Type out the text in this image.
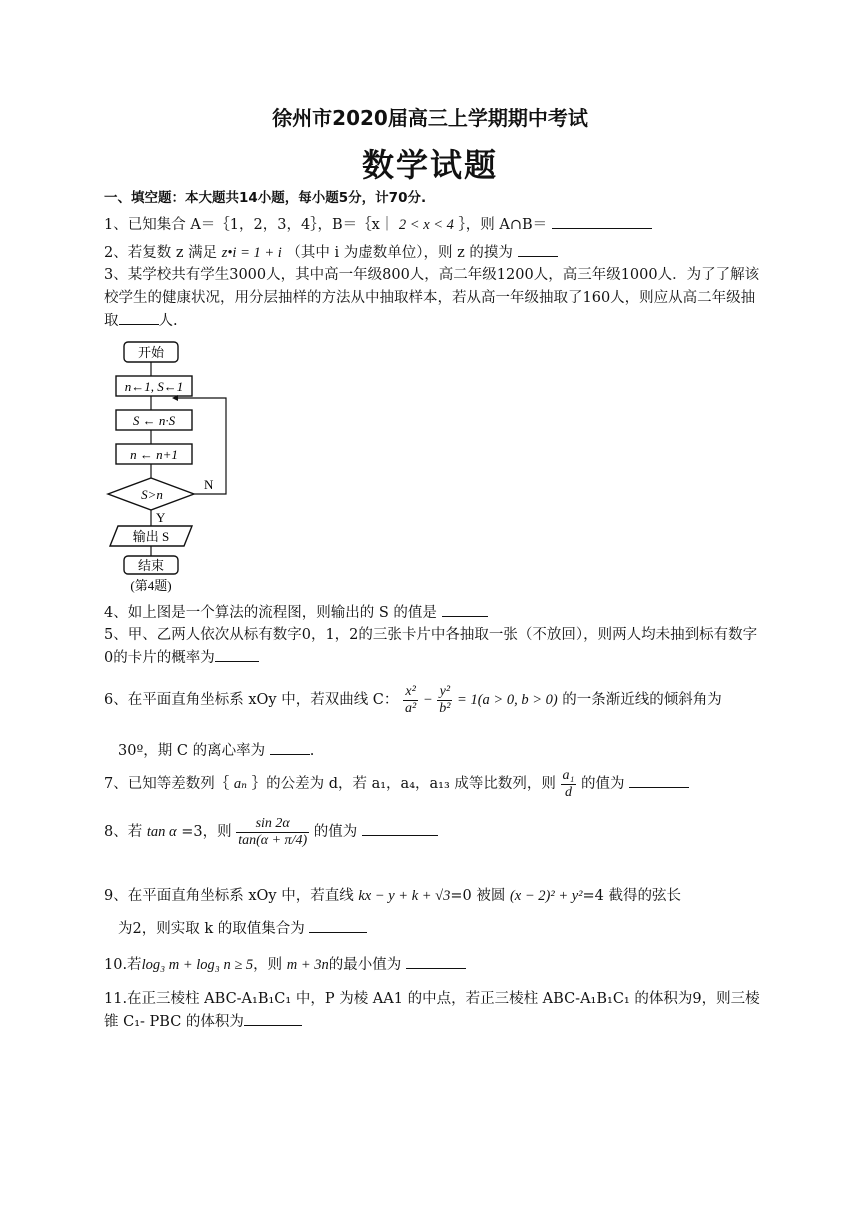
徐州市2020届高三上学期期中考试
数学试题
一、填空题：本大题共14小题，每小题5分，计70分.
1、已知集合 A＝｛1，2，3，4｝，B＝｛x｜ 2 < x < 4 ｝，则 A∩B＝
2、若复数 z 满足 z•i = 1 + i （其中 i 为虚数单位），则 z 的摸为
3、某学校共有学生3000人，其中高一年级800人，高二年级1200人，高三年级1000人．为了了解该校学生的健康状况，用分层抽样的方法从中抽取样本，若从高一年级抽取了160人，则应从高二年级抽取	人.
开始
n←1, S←1
S ← n·S
n ← n+1
S>n
N
Y
输出 S
结束
(第4题)
4、如上图是一个算法的流程图，则输出的 S 的值是
5、甲、乙两人依次从标有数字0，1，2的三张卡片中各抽取一张（不放回），则两人均未抽到标有数字0的卡片的概率为
6、在平面直角坐标系 xOy 中，若双曲线 C： $\frac{\text{x²}}{\text{a²}} - \frac{\text{y²}}{\text{b²}} = 1(a > 0$, b > 0) 的一条渐近线的倾斜角为
30º，期 C 的离心率为	.
7、已知等差数列｛ aₙ ｝的公差为 d，若 a₁，a₄，a₁₃ 成等比数列，则 $\frac{\text{a₁}}{d}$ 的值为
8、若 tan α =3，则 $\frac{\sin 2\alpha}{\tan(\alpha + \pi/4)}$ 的值为
9、在平面直角坐标系 xOy 中，若直线 kx − y + k + √3=0 被圆 (x − 2)² + y²=4 截得的弦长
为2，则实取 k 的取值集合为
10.若log₃ m + log₃ n ≥ 5，则 m + 3n的最小值为
11.在正三棱柱 ABC-A₁B₁C₁ 中，P 为棱 AA1 的中点，若正三棱柱 ABC-A₁B₁C₁ 的体积为9，则三棱锥 C₁- PBC 的体积为
